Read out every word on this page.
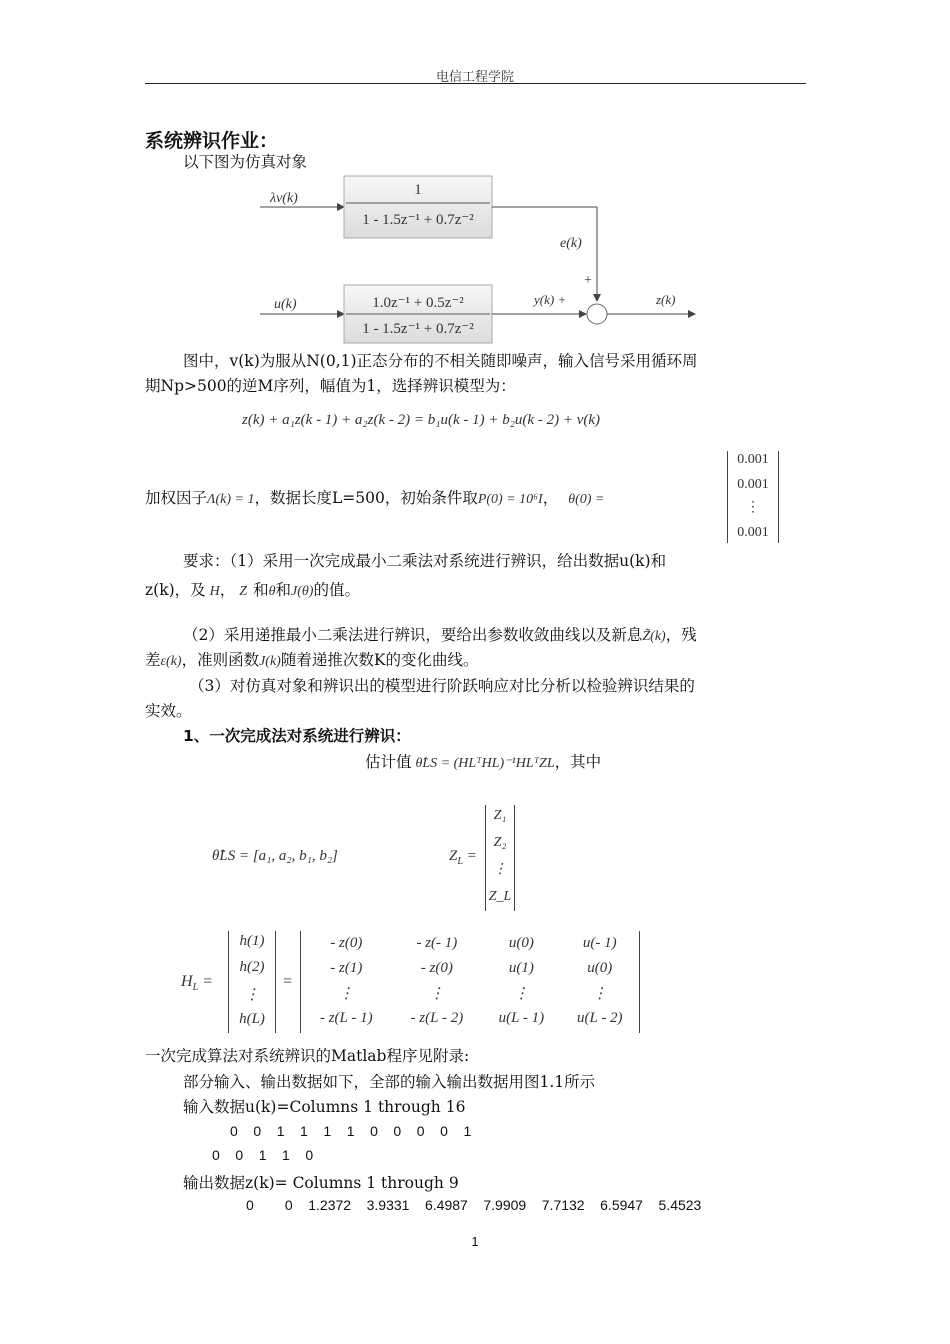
电信工程学院
系统辨识作业：
以下图为仿真对象
λv(k)
1
1 - 1.5z⁻¹ + 0.7z⁻²
e(k)
+
u(k)	1.0z⁻¹ + 0.5z⁻²
1 - 1.5z⁻¹ + 0.7z⁻²
y(k) +	z(k)
图中，v(k)为服从N(0,1)正态分布的不相关随即噪声，输入信号采用循环周
期Np>500的逆M序列，幅值为1，选择辨识模型为：
z(k) + a₁z(k - 1) + a₂z(k - 2) = b₁u(k - 1) + b₂u(k - 2) + v(k)
加权因子Λ(k) = 1，数据长度L=500，初始条件取P(0) = 10⁶I， θ(0) =
0.001
0.001
⋮
0.001
要求：（1）采用一次完成最小二乘法对系统进行辨识，给出数据u(k)和
z(k)，及 H， Z 和θ和J(θ)的值。
（2）采用递推最小二乘法进行辨识，要给出参数收敛曲线以及新息Z̃(k)，残
差ε(k)，准则函数J(k)随着递推次数K的变化曲线。
（3）对仿真对象和辨识出的模型进行阶跃响应对比分析以检验辨识结果的
实效。
1、一次完成法对系统进行辨识：
估计值 θ̂LS = (HLᵀHL)⁻¹HLᵀZL，其中
θ̂LS = [a₁, a₂, b₁, b₂]	$Z_L$ =
Z₁
Z₂
⋮
Z_L
$H_L$ =
h(1)
h(2)
⋮
h(L)
=
- z(0)	- z(- 1)	u(0)	u(- 1)
- z(1)	- z(0)	u(1)	u(0)
⋮	⋮	⋮	⋮
- z(L - 1)	- z(L - 2)	u(L - 1)	u(L - 2)
一次完成算法对系统辨识的Matlab程序见附录:
部分输入、输出数据如下，全部的输入输出数据用图1.1所示
输入数据u(k)=Columns 1 through 16
0    0    1    1    1    1    0    0    0    0    1
0    0    1    1    0
输出数据z(k)= Columns 1 through 9
0        0    1.2372    3.9331    6.4987    7.9909    7.7132    6.5947    5.4523
1
